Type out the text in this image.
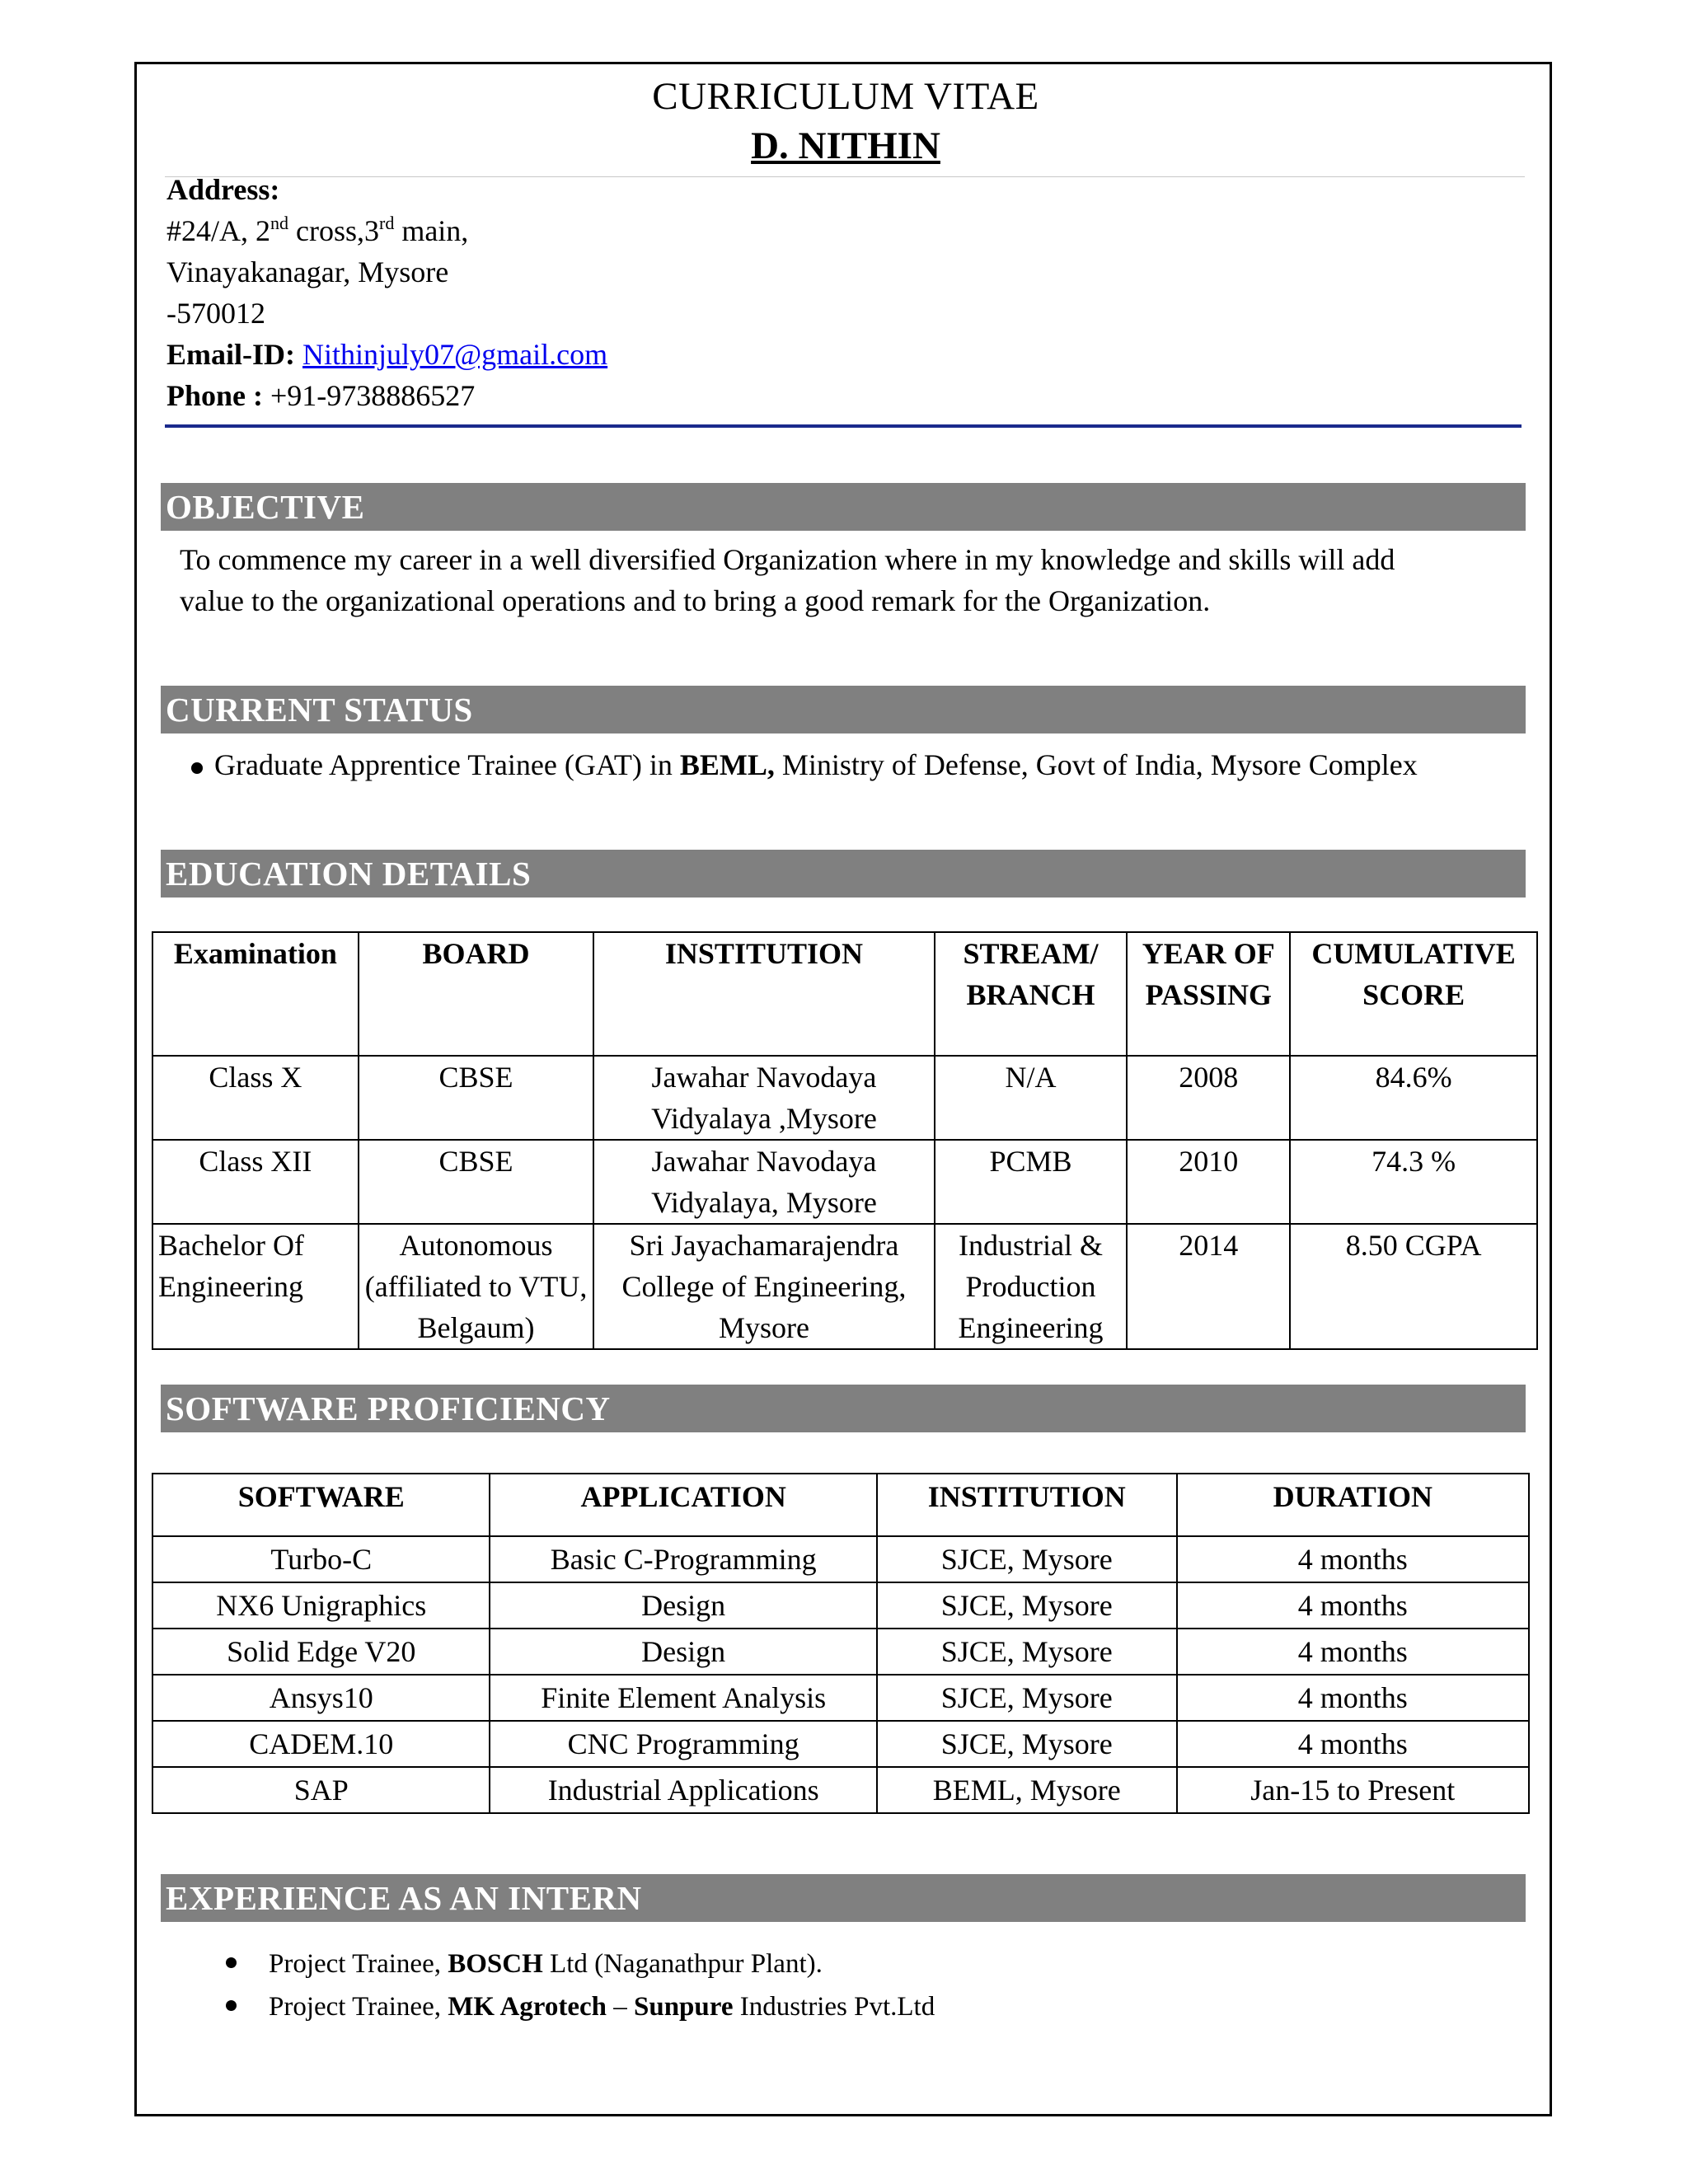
CURRICULUM VITAE
D. NITHIN
Address:
#24/A, 2nd cross,3rd main,
Vinayakanagar, Mysore
-570012
Email-ID: Nithinjuly07@gmail.com
Phone : +91-9738886527
OBJECTIVE
To commence my career in a well diversified Organization where in my knowledge and skills will add
value to the organizational operations and to bring a good remark for the Organization.
CURRENT STATUS
Graduate Apprentice Trainee (GAT) in BEML, Ministry of Defense, Govt of India, Mysore Complex
EDUCATION DETAILS
Examination	BOARD	INSTITUTION	STREAM/ BRANCH	YEAR OF PASSING	CUMULATIVE SCORE
Class X	CBSE	Jawahar Navodaya Vidyalaya ,Mysore	N/A	2008	84.6%
Class XII	CBSE	Jawahar Navodaya Vidyalaya, Mysore	PCMB	2010	74.3 %
Bachelor Of Engineering	Autonomous (affiliated to VTU, Belgaum)	Sri Jayachamarajendra College of Engineering, Mysore	Industrial & Production Engineering	2014	8.50 CGPA
SOFTWARE PROFICIENCY
SOFTWARE	APPLICATION	INSTITUTION	DURATION
Turbo-C	Basic C-Programming	SJCE, Mysore	4 months
NX6 Unigraphics	Design	SJCE, Mysore	4 months
Solid Edge V20	Design	SJCE, Mysore	4 months
Ansys10	Finite Element Analysis	SJCE, Mysore	4 months
CADEM.10	CNC Programming	SJCE, Mysore	4 months
SAP	Industrial Applications	BEML, Mysore	Jan-15 to Present
EXPERIENCE AS AN INTERN
Project Trainee, BOSCH Ltd (Naganathpur Plant).
Project Trainee, MK Agrotech – Sunpure Industries Pvt.Ltd
